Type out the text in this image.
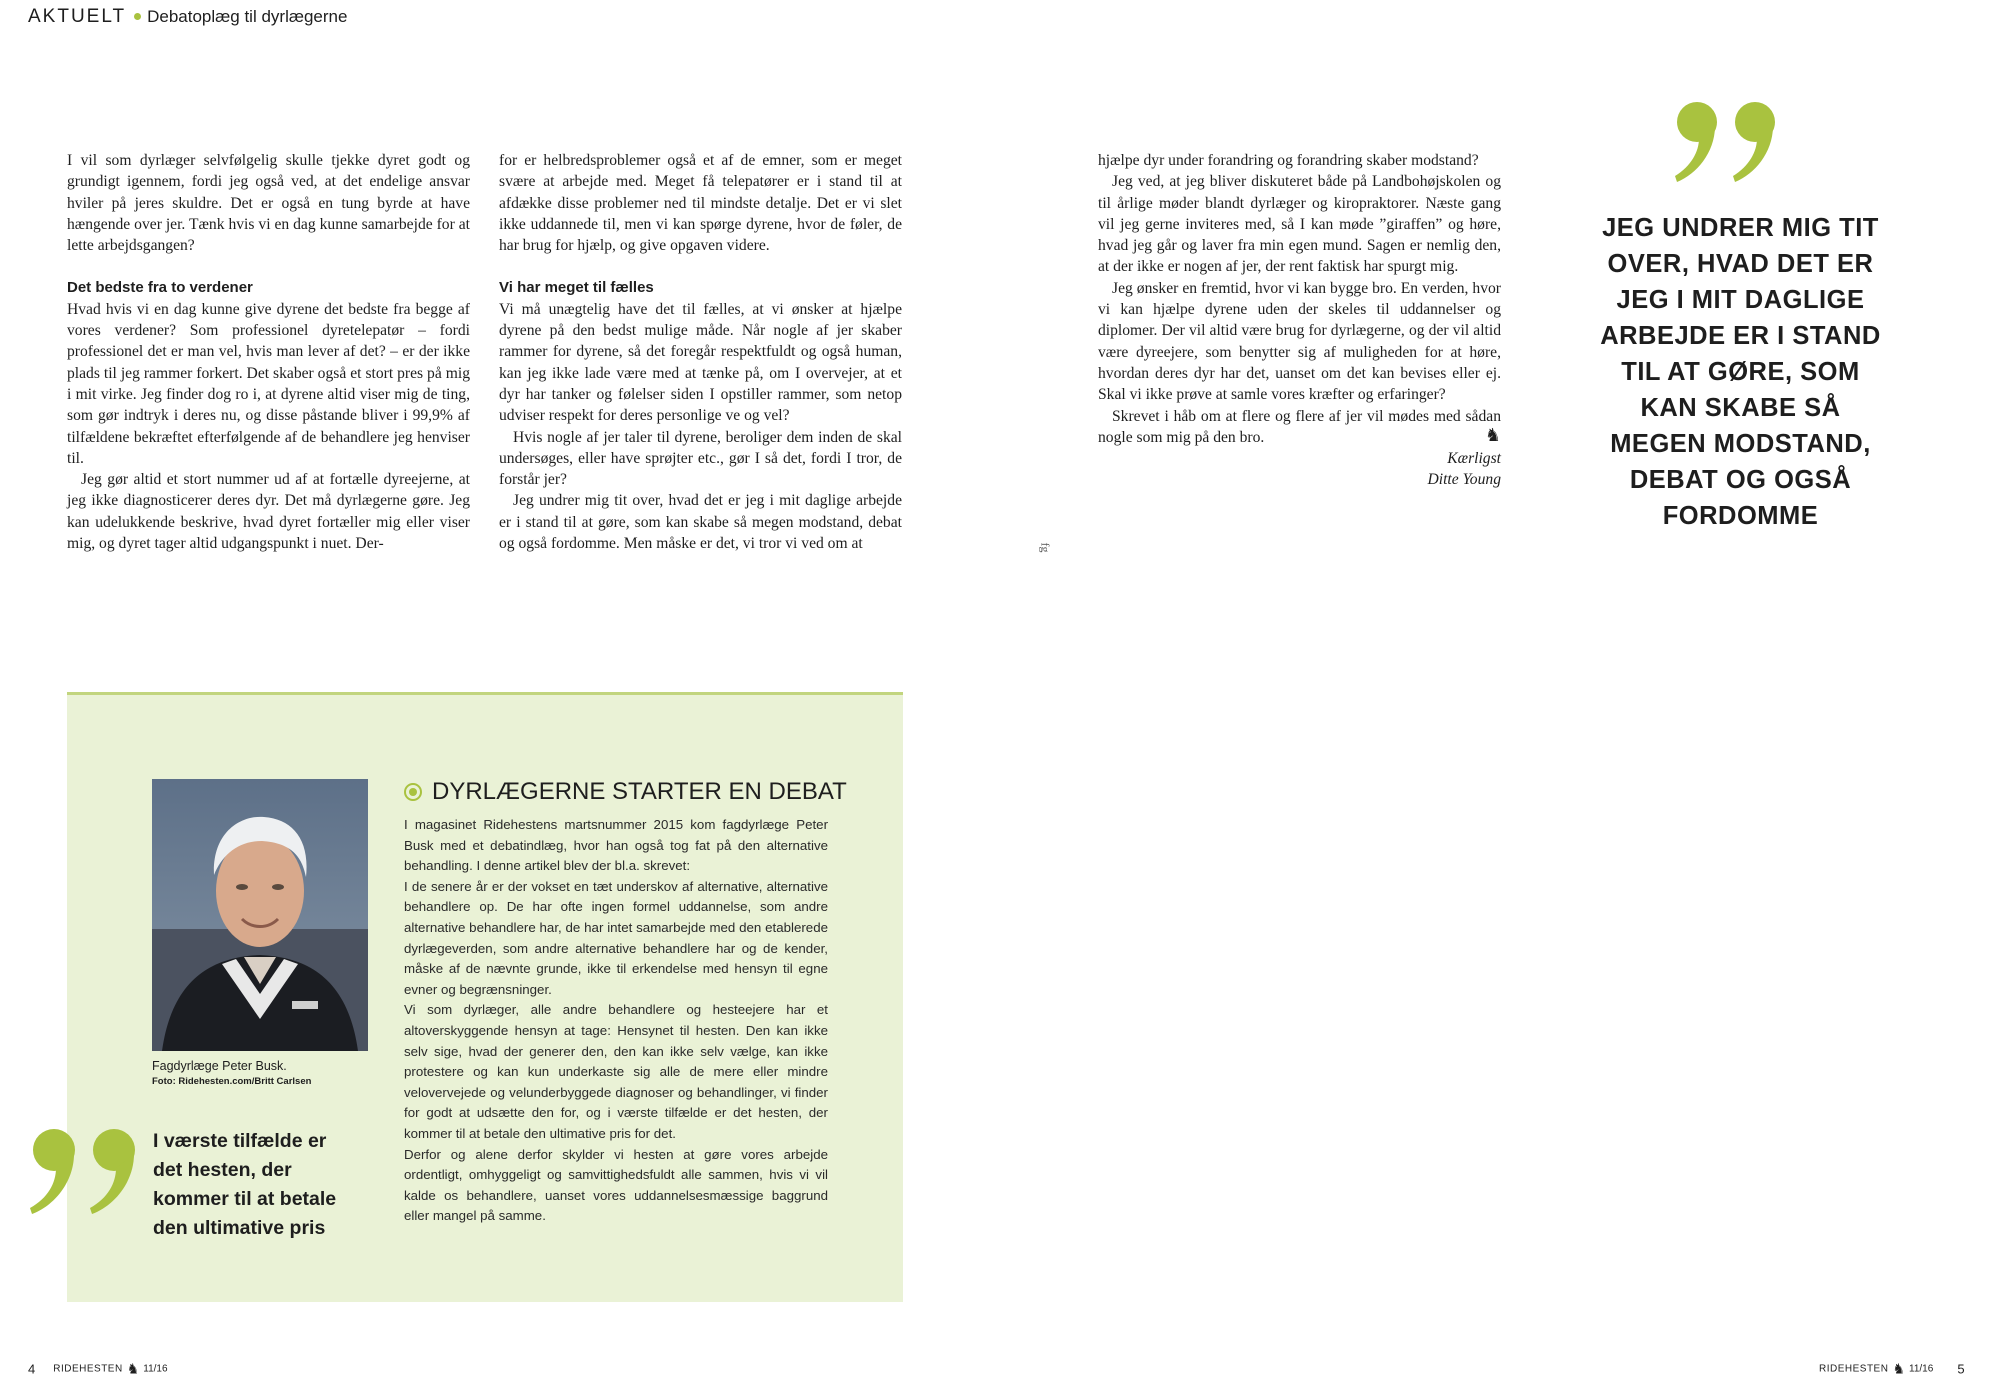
AKTUELT Debatoplæg til dyrlægerne

I vil som dyrlæger selvfølgelig skulle tjekke dyret godt og grundigt igennem, fordi jeg også ved, at det endelige ansvar hviler på jeres skuldre. Det er også en tung byrde at have hængende over jer. Tænk hvis vi en dag kunne samarbejde for at lette arbejdsgangen?

Det bedste fra to verdener

Hvad hvis vi en dag kunne give dyrene det bedste fra begge af vores verdener? Som professionel dyretelepatør – fordi professionel det er man vel, hvis man lever af det? – er der ikke plads til jeg rammer forkert. Det skaber også et stort pres på mig i mit virke. Jeg finder dog ro i, at dyrene altid viser mig de ting, som gør indtryk i deres nu, og disse påstande bliver i 99,9% af tilfældene bekræftet efterfølgende af de behandlere jeg henviser til.

Jeg gør altid et stort nummer ud af at fortælle dyreejerne, at jeg ikke diagnosticerer deres dyr. Det må dyrlægerne gøre. Jeg kan udelukkende beskrive, hvad dyret fortæller mig eller viser mig, og dyret tager altid udgangspunkt i nuet. Der-

for er helbredsproblemer også et af de emner, som er meget svære at arbejde med. Meget få telepatører er i stand til at afdække disse problemer ned til mindste detalje. Det er vi slet ikke uddannede til, men vi kan spørge dyrene, hvor de føler, de har brug for hjælp, og give opgaven videre.

Vi har meget til fælles

Vi må unægtelig have det til fælles, at vi ønsker at hjælpe dyrene på den bedst mulige måde. Når nogle af jer skaber rammer for dyrene, så det foregår respektfuldt og også human, kan jeg ikke lade være med at tænke på, om I overvejer, at et dyr har tanker og følelser siden I opstiller rammer, som netop udviser respekt for deres personlige ve og vel?

Hvis nogle af jer taler til dyrene, beroliger dem inden de skal undersøges, eller have sprøjter etc., gør I så det, fordi I tror, de forstår jer?

Jeg undrer mig tit over, hvad det er jeg i mit daglige arbejde er i stand til at gøre, som kan skabe så megen modstand, debat og også fordomme. Men måske er det, vi tror vi ved om at	fg

hjælpe dyr under forandring og forandring skaber modstand?

Jeg ved, at jeg bliver diskuteret både på Landbohøjskolen og til årlige møder blandt dyrlæger og kiropraktorer. Næste gang vil jeg gerne inviteres med, så I kan møde ”giraffen” og høre, hvad jeg går og laver fra min egen mund. Sagen er nemlig den, at der ikke er nogen af jer, der rent faktisk har spurgt mig.

Jeg ønsker en fremtid, hvor vi kan bygge bro. En verden, hvor vi kan hjælpe dyrene uden der skeles til uddannelser og diplomer. Der vil altid være brug for dyrlægerne, og der vil altid være dyreejere, som benytter sig af muligheden for at høre, hvordan deres dyr har det, uanset om det kan bevises eller ej. Skal vi ikke prøve at samle vores kræfter og erfaringer?

Skrevet i håb om at flere og flere af jer vil mødes med sådan nogle som mig på den bro.	♞

Kærligst

Ditte Young

JEG UNDRER MIG TIT OVER, HVAD DET ER JEG I MIT DAGLIGE ARBEJDE ER I STAND TIL AT GØRE, SOM KAN SKABE SÅ MEGEN MODSTAND, DEBAT OG OGSÅ FORDOMME
Fagdyrlæge Peter Busk.
Foto: Ridehesten.com/Britt Carlsen
DYRLÆGERNE STARTER EN DEBAT

I magasinet Ridehestens martsnummer 2015 kom fagdyrlæge Peter Busk med et debatindlæg, hvor han også tog fat på den alternative behandling. I denne artikel blev der bl.a. skrevet:

I de senere år er der vokset en tæt underskov af alternative, alternative behandlere op. De har ofte ingen formel uddannelse, som andre alternative behandlere har, de har intet samarbejde med den etablerede dyrlægeverden, som andre alternative behandlere har og de kender, måske af de nævnte grunde, ikke til erkendelse med hensyn til egne evner og begrænsninger.

Vi som dyrlæger, alle andre behandlere og hesteejere har et altoverskyggende hensyn at tage: Hensynet til hesten. Den kan ikke selv sige, hvad der generer den, den kan ikke selv vælge, kan ikke protestere og kan kun underkaste sig alle de mere eller mindre velovervejede og velunderbyggede diagnoser og behandlinger, vi finder for godt at udsætte den for, og i værste tilfælde er det hesten, der kommer til at betale den ultimative pris for det.

Derfor og alene derfor skylder vi hesten at gøre vores arbejde ordentligt, omhyggeligt og samvittighedsfuldt alle sammen, hvis vi vil kalde os behandlere, uanset vores uddannelsesmæssige baggrund eller mangel på samme.

I værste tilfælde er det hesten, der kommer til at betale den ultimative pris
4 RIDEHESTEN ♞ 11/16	RIDEHESTEN ♞ 11/16 5
